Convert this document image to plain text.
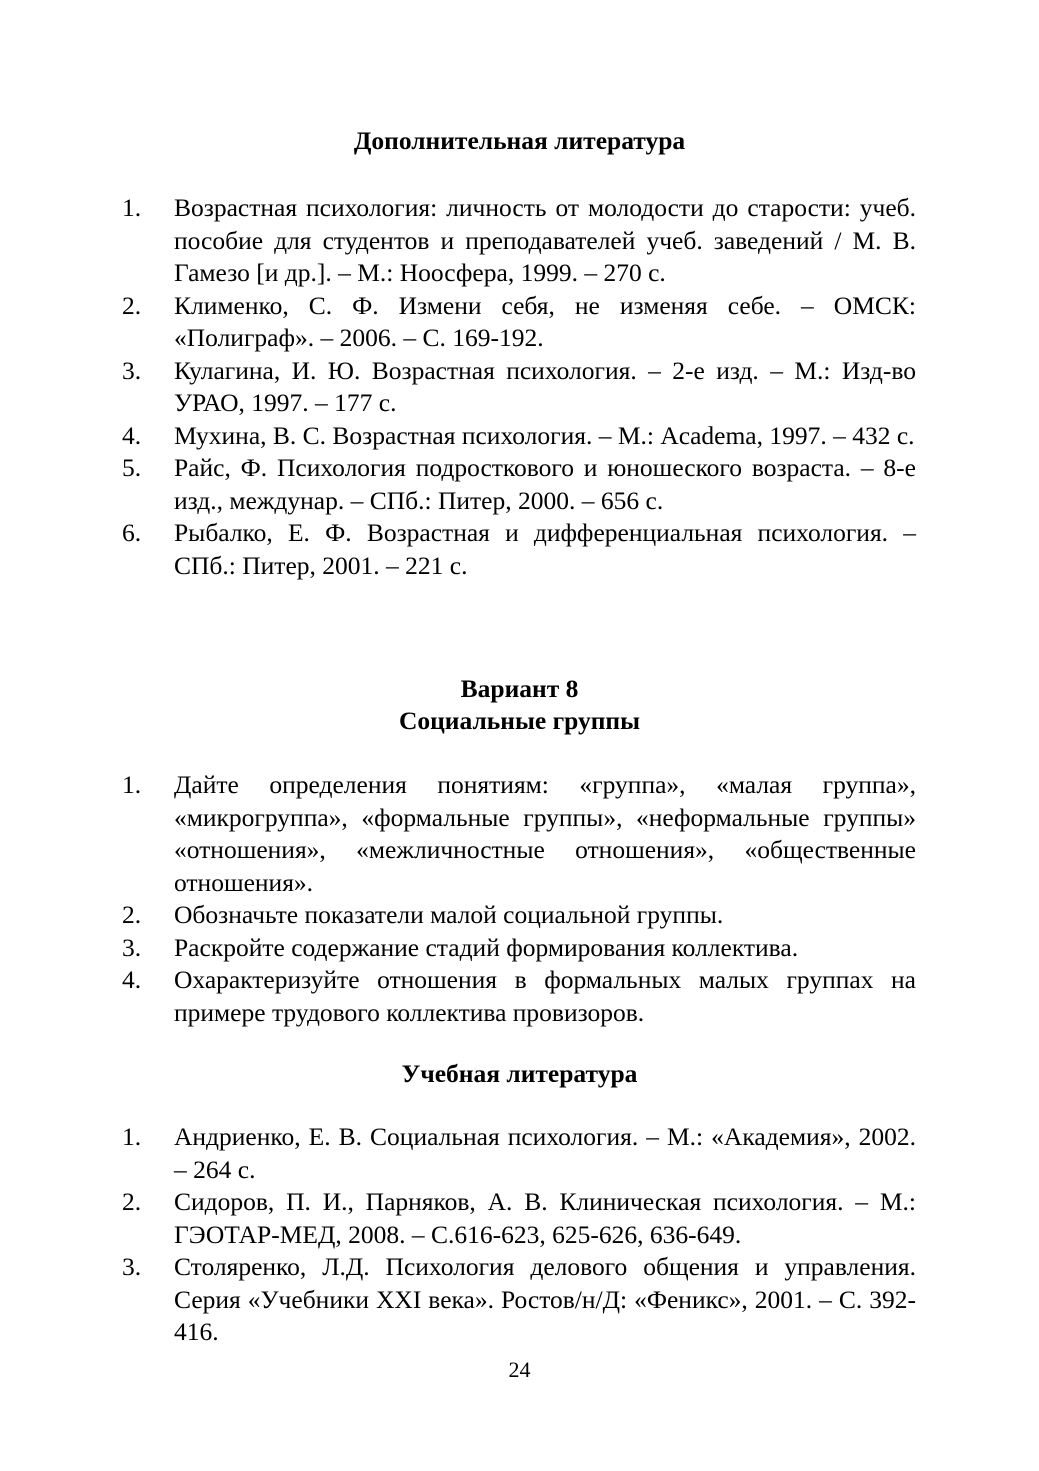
Дополнительная литература
1. Возрастная психология: личность от молодости до старости: учеб. пособие для студентов и преподавателей учеб. заведений / М. В. Гамезо [и др.]. – М.: Ноосфера, 1999. – 270 с.
2. Клименко, С. Ф. Измени себя, не изменяя себе. – ОМСК: «Полиграф». – 2006. – С. 169-192.
3. Кулагина, И. Ю. Возрастная психология. – 2-е изд. – М.: Изд-во УРАО, 1997. – 177 с.
4. Мухина, В. С. Возрастная психология. – М.: Academa, 1997. – 432 с.
5. Райс, Ф. Психология подросткового и юношеского возраста. – 8-е изд., междунар. – СПб.: Питер, 2000. – 656 с.
6. Рыбалко, Е. Ф. Возрастная и дифференциальная психология. – СПб.: Питер, 2001. – 221 с.
Вариант 8
Социальные группы
1. Дайте определения понятиям: «группа», «малая группа», «микрогруппа», «формальные группы», «неформальные группы» «отношения», «межличностные отношения», «общественные отношения».
2. Обозначьте показатели малой социальной группы.
3. Раскройте содержание стадий формирования коллектива.
4. Охарактеризуйте отношения в формальных малых группах на примере трудового коллектива провизоров.
Учебная литература
1. Андриенко, Е. В. Социальная психология. – М.: «Академия», 2002. – 264 с.
2. Сидоров, П. И., Парняков, А. В. Клиническая психология. – М.: ГЭОТАР-МЕД, 2008. – С.616-623, 625-626, 636-649.
3. Столяренко, Л.Д. Психология делового общения и управления. Серия «Учебники XXI века». Ростов/н/Д: «Феникс», 2001. – С. 392-416.
24
